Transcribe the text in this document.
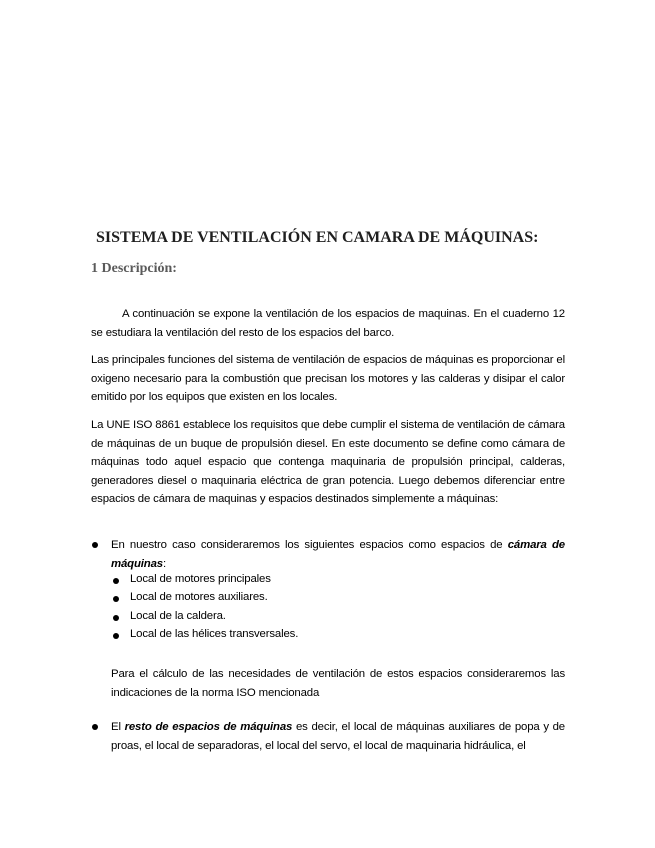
SISTEMA DE VENTILACIÓN EN CAMARA DE MÁQUINAS:
1 Descripción:
A continuación se expone la ventilación de los espacios de maquinas. En el cuaderno 12 se estudiara la ventilación del resto de los espacios del barco.
Las principales funciones del sistema de ventilación de espacios de máquinas es proporcionar el oxigeno necesario para la combustión que precisan los motores y las calderas y disipar el calor emitido por los equipos que existen en los locales.
La UNE ISO 8861 establece los requisitos que debe cumplir el sistema de ventilación de cámara de máquinas de un buque de propulsión diesel. En este documento se define como cámara de máquinas todo aquel espacio que contenga maquinaria de propulsión principal, calderas, generadores diesel o maquinaria eléctrica de gran potencia. Luego debemos diferenciar entre espacios de cámara de maquinas y espacios destinados simplemente a máquinas:
En nuestro caso consideraremos los siguientes espacios como espacios de cámara de máquinas:
Local de motores principales
Local de motores auxiliares.
Local de la caldera.
Local de las hélices transversales.
Para el cálculo de las necesidades de ventilación de estos espacios consideraremos las indicaciones de la norma ISO mencionada
El resto de espacios de máquinas es decir, el local de máquinas auxiliares de popa y de proas, el local de separadoras, el local del servo, el local de maquinaria hidráulica, el
